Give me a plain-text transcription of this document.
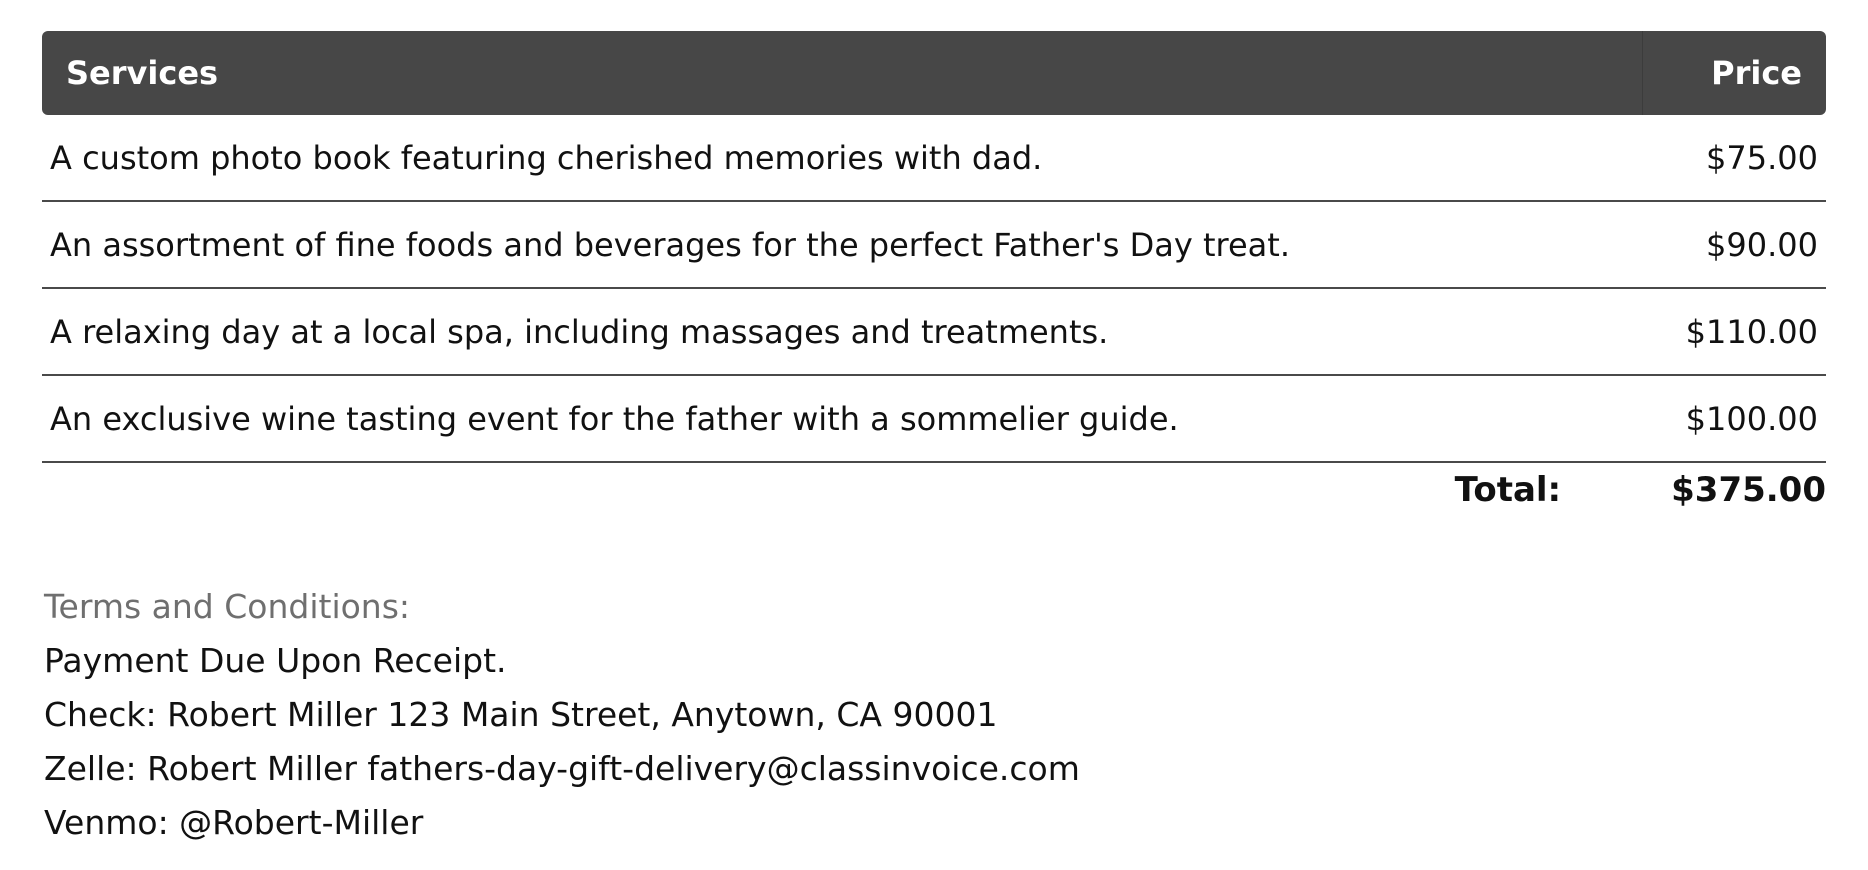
Services	Price
A custom photo book featuring cherished memories with dad.	$75.00
An assortment of fine foods and beverages for the perfect Father's Day treat.	$90.00
A relaxing day at a local spa, including massages and treatments.	$110.00
An exclusive wine tasting event for the father with a sommelier guide.	$100.00
Total:	$375.00
Terms and Conditions:
Payment Due Upon Receipt.
Check: Robert Miller 123 Main Street, Anytown, CA 90001
Zelle: Robert Miller fathers-day-gift-delivery@classinvoice.com
Venmo: @Robert-Miller
